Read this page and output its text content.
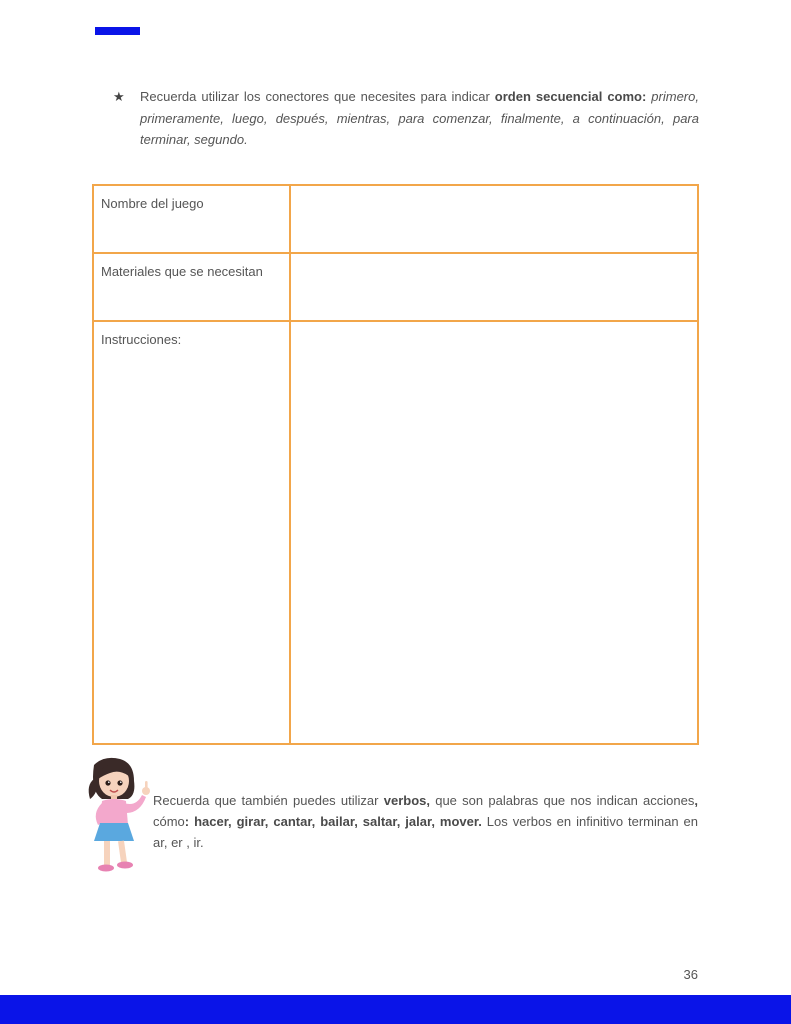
★ Recuerda utilizar los conectores que necesites para indicar orden secuencial como: primero, primeramente, luego, después, mientras, para comenzar, finalmente, a continuación, para terminar, segundo.
Nombre del juego	
Materiales que se necesitan	
Instrucciones:	
Recuerda que también puedes utilizar verbos, que son palabras que nos indican acciones, cómo: hacer, girar, cantar, bailar, saltar, jalar, mover. Los verbos en infinitivo terminan en ar, er , ir.
36
